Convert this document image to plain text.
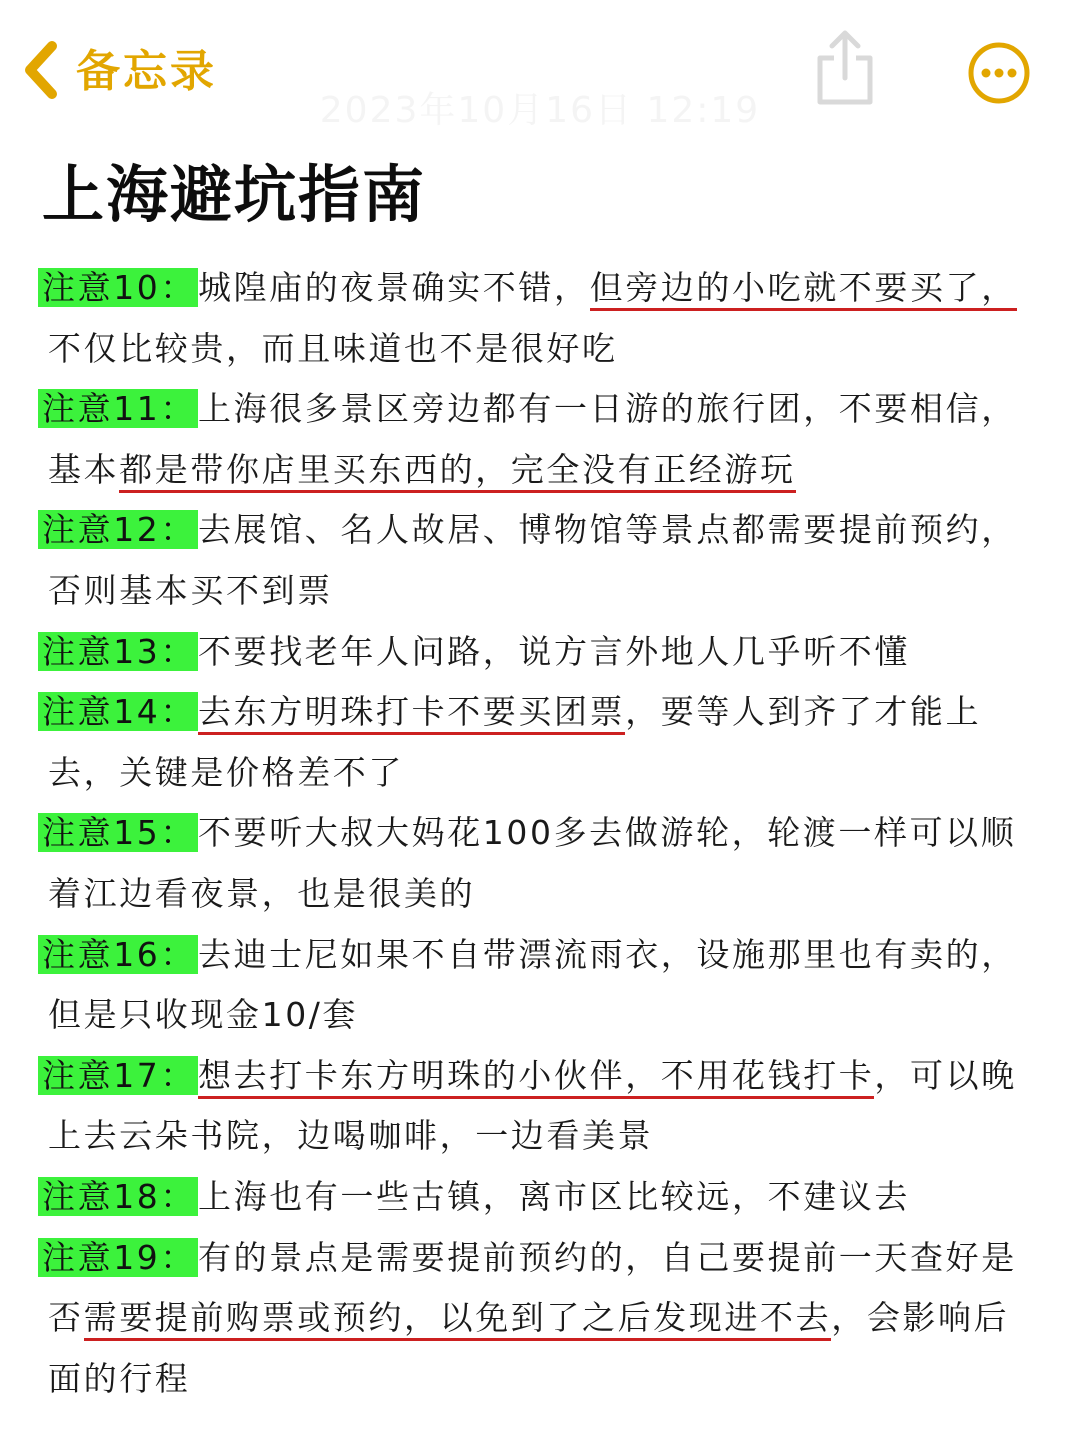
备忘录
2023年10月16日 12:19
上海避坑指南
注意10：城隍庙的夜景确实不错，但旁边的小吃就不要买了，
不仅比较贵，而且味道也不是很好吃
注意11：上海很多景区旁边都有一日游的旅行团，不要相信，
基本都是带你店里买东西的，完全没有正经游玩
注意12：去展馆、名人故居、博物馆等景点都需要提前预约，
否则基本买不到票
注意13：不要找老年人问路，说方言外地人几乎听不懂
注意14：去东方明珠打卡不要买团票，要等人到齐了才能上
去，关键是价格差不了
注意15：不要听大叔大妈花100多去做游轮，轮渡一样可以顺
着江边看夜景，也是很美的
注意16：去迪士尼如果不自带漂流雨衣，设施那里也有卖的，
但是只收现金10/套
注意17：想去打卡东方明珠的小伙伴，不用花钱打卡，可以晚
上去云朵书院，边喝咖啡，一边看美景
注意18：上海也有一些古镇，离市区比较远，不建议去
注意19：有的景点是需要提前预约的，自己要提前一天查好是
否需要提前购票或预约，以免到了之后发现进不去，会影响后
面的行程
